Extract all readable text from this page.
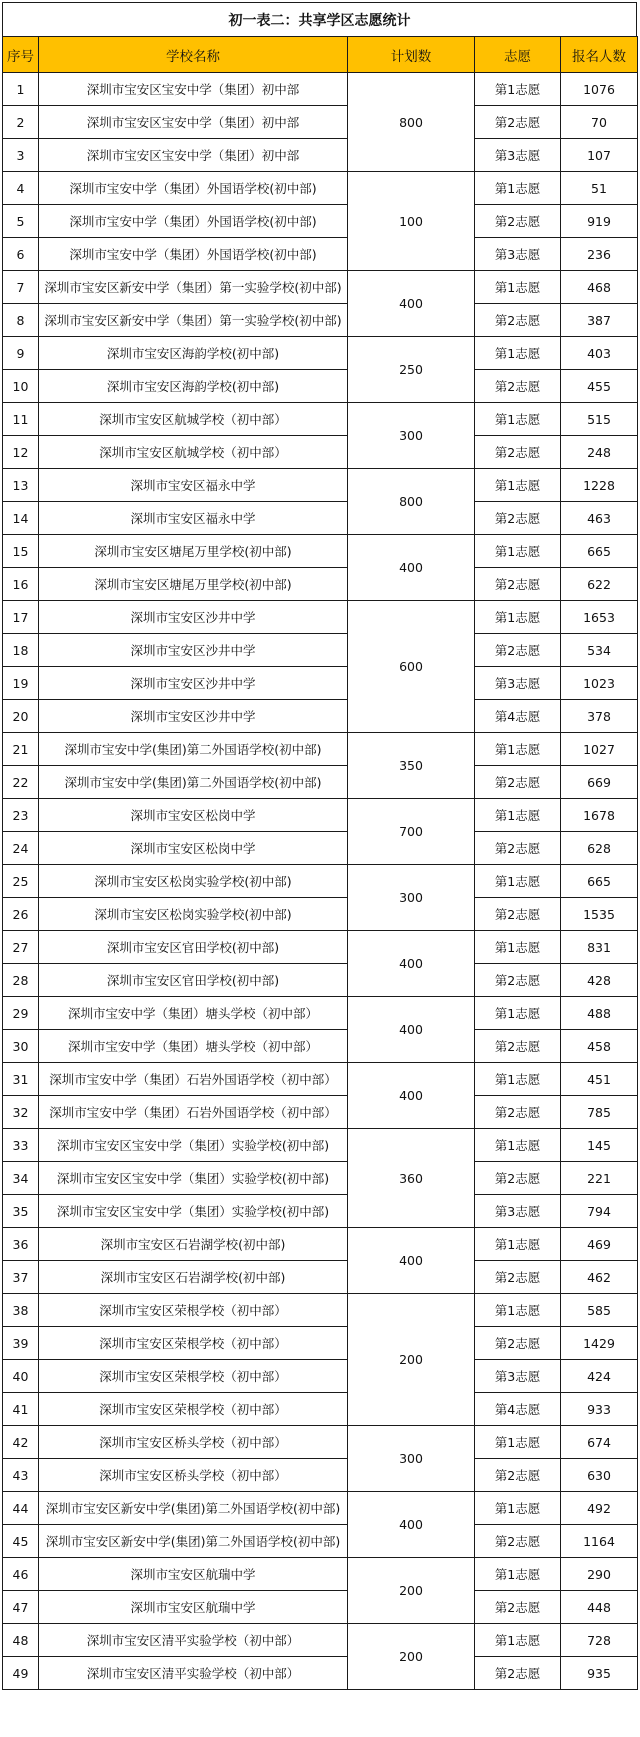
初一表二：共享学区志愿统计
序号	学校名称	计划数	志愿	报名人数
1	深圳市宝安区宝安中学（集团）初中部	800	第1志愿	1076
2	深圳市宝安区宝安中学（集团）初中部		第2志愿	70
3	深圳市宝安区宝安中学（集团）初中部		第3志愿	107
4	深圳市宝安中学（集团）外国语学校(初中部)	100	第1志愿	51
5	深圳市宝安中学（集团）外国语学校(初中部)		第2志愿	919
6	深圳市宝安中学（集团）外国语学校(初中部)		第3志愿	236
7	深圳市宝安区新安中学（集团）第一实验学校(初中部)	400	第1志愿	468
8	深圳市宝安区新安中学（集团）第一实验学校(初中部)		第2志愿	387
9	深圳市宝安区海韵学校(初中部)	250	第1志愿	403
10	深圳市宝安区海韵学校(初中部)		第2志愿	455
11	深圳市宝安区航城学校（初中部）	300	第1志愿	515
12	深圳市宝安区航城学校（初中部）		第2志愿	248
13	深圳市宝安区福永中学	800	第1志愿	1228
14	深圳市宝安区福永中学		第2志愿	463
15	深圳市宝安区塘尾万里学校(初中部)	400	第1志愿	665
16	深圳市宝安区塘尾万里学校(初中部)		第2志愿	622
17	深圳市宝安区沙井中学	600	第1志愿	1653
18	深圳市宝安区沙井中学		第2志愿	534
19	深圳市宝安区沙井中学		第3志愿	1023
20	深圳市宝安区沙井中学		第4志愿	378
21	深圳市宝安中学(集团)第二外国语学校(初中部)	350	第1志愿	1027
22	深圳市宝安中学(集团)第二外国语学校(初中部)		第2志愿	669
23	深圳市宝安区松岗中学	700	第1志愿	1678
24	深圳市宝安区松岗中学		第2志愿	628
25	深圳市宝安区松岗实验学校(初中部)	300	第1志愿	665
26	深圳市宝安区松岗实验学校(初中部)		第2志愿	1535
27	深圳市宝安区官田学校(初中部)	400	第1志愿	831
28	深圳市宝安区官田学校(初中部)		第2志愿	428
29	深圳市宝安中学（集团）塘头学校（初中部）	400	第1志愿	488
30	深圳市宝安中学（集团）塘头学校（初中部）		第2志愿	458
31	深圳市宝安中学（集团）石岩外国语学校（初中部）	400	第1志愿	451
32	深圳市宝安中学（集团）石岩外国语学校（初中部）		第2志愿	785
33	深圳市宝安区宝安中学（集团）实验学校(初中部)	360	第1志愿	145
34	深圳市宝安区宝安中学（集团）实验学校(初中部)		第2志愿	221
35	深圳市宝安区宝安中学（集团）实验学校(初中部)		第3志愿	794
36	深圳市宝安区石岩湖学校(初中部)	400	第1志愿	469
37	深圳市宝安区石岩湖学校(初中部)		第2志愿	462
38	深圳市宝安区荣根学校（初中部）	200	第1志愿	585
39	深圳市宝安区荣根学校（初中部）		第2志愿	1429
40	深圳市宝安区荣根学校（初中部）		第3志愿	424
41	深圳市宝安区荣根学校（初中部）		第4志愿	933
42	深圳市宝安区桥头学校（初中部）	300	第1志愿	674
43	深圳市宝安区桥头学校（初中部）		第2志愿	630
44	深圳市宝安区新安中学(集团)第二外国语学校(初中部)	400	第1志愿	492
45	深圳市宝安区新安中学(集团)第二外国语学校(初中部)		第2志愿	1164
46	深圳市宝安区航瑞中学	200	第1志愿	290
47	深圳市宝安区航瑞中学		第2志愿	448
48	深圳市宝安区清平实验学校（初中部）	200	第1志愿	728
49	深圳市宝安区清平实验学校（初中部）		第2志愿	935
